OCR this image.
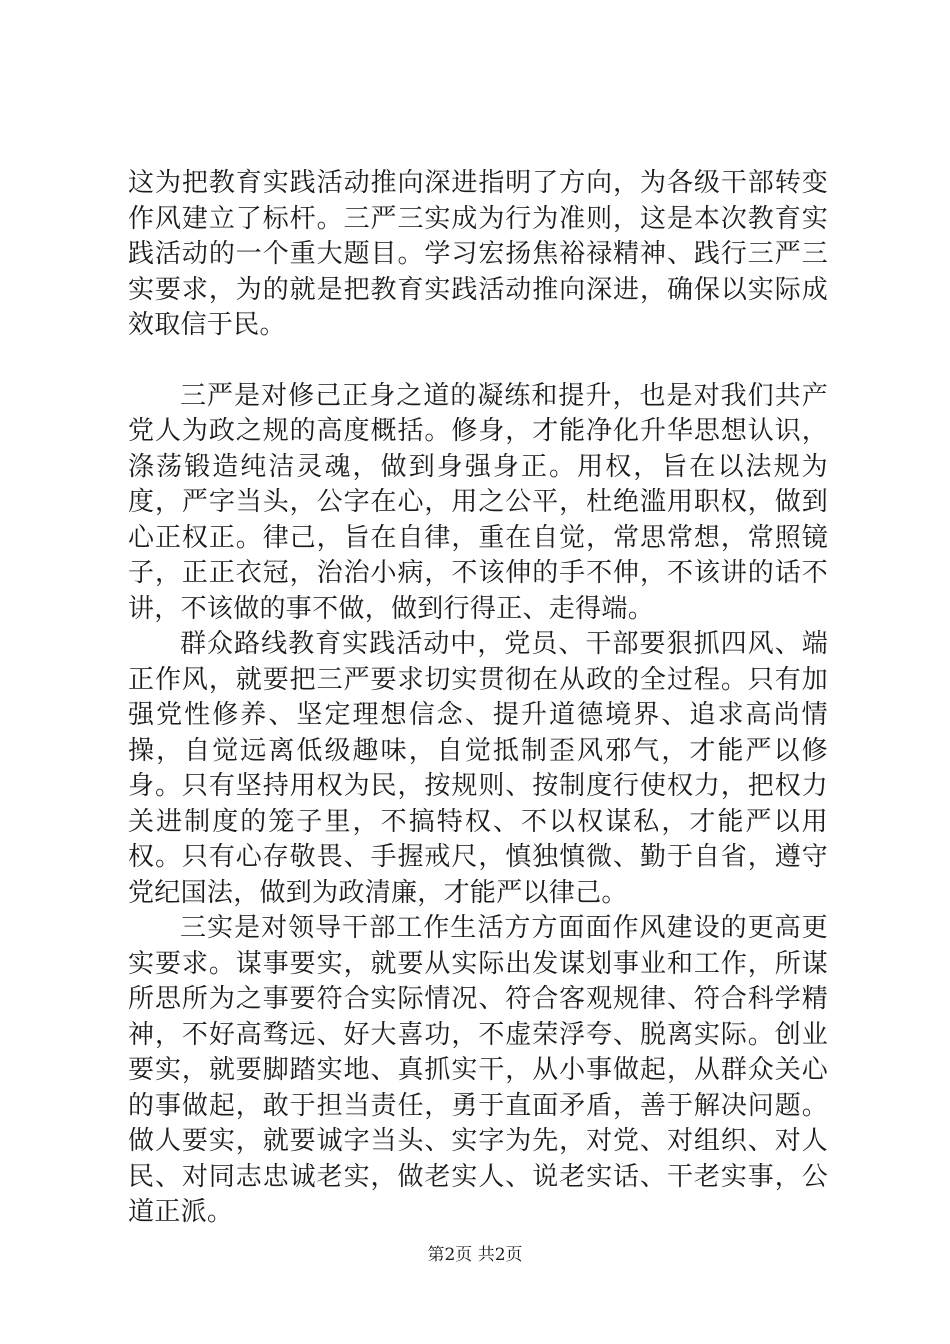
这为把教育实践活动推向深进指明了方向，为各级干部转变作风建立了标杆。三严三实成为行为准则，这是本次教育实践活动的一个重大题目。学习宏扬焦裕禄精神、践行三严三实要求，为的就是把教育实践活动推向深进，确保以实际成效取信于民。

三严是对修己正身之道的凝练和提升，也是对我们共产党人为政之规的高度概括。修身，才能净化升华思想认识，涤荡锻造纯洁灵魂，做到身强身正。用权，旨在以法规为度，严字当头，公字在心，用之公平，杜绝滥用职权，做到心正权正。律己，旨在自律，重在自觉，常思常想，常照镜子，正正衣冠，治治小病，不该伸的手不伸，不该讲的话不讲，不该做的事不做，做到行得正、走得端。

群众路线教育实践活动中，党员、干部要狠抓四风、端正作风，就要把三严要求切实贯彻在从政的全过程。只有加强党性修养、坚定理想信念、提升道德境界、追求高尚情操，自觉远离低级趣味，自觉抵制歪风邪气，才能严以修身。只有坚持用权为民，按规则、按制度行使权力，把权力关进制度的笼子里，不搞特权、不以权谋私，才能严以用权。只有心存敬畏、手握戒尺，慎独慎微、勤于自省，遵守党纪国法，做到为政清廉，才能严以律己。

三实是对领导干部工作生活方方面面作风建设的更高更实要求。谋事要实，就要从实际出发谋划事业和工作，所谋所思所为之事要符合实际情况、符合客观规律、符合科学精神，不好高骛远、好大喜功，不虚荣浮夸、脱离实际。创业要实，就要脚踏实地、真抓实干，从小事做起，从群众关心的事做起，敢于担当责任，勇于直面矛盾，善于解决问题。做人要实，就要诚字当头、实字为先，对党、对组织、对人民、对同志忠诚老实，做老实人、说老实话、干老实事，公道正派。

第2页 共2页
